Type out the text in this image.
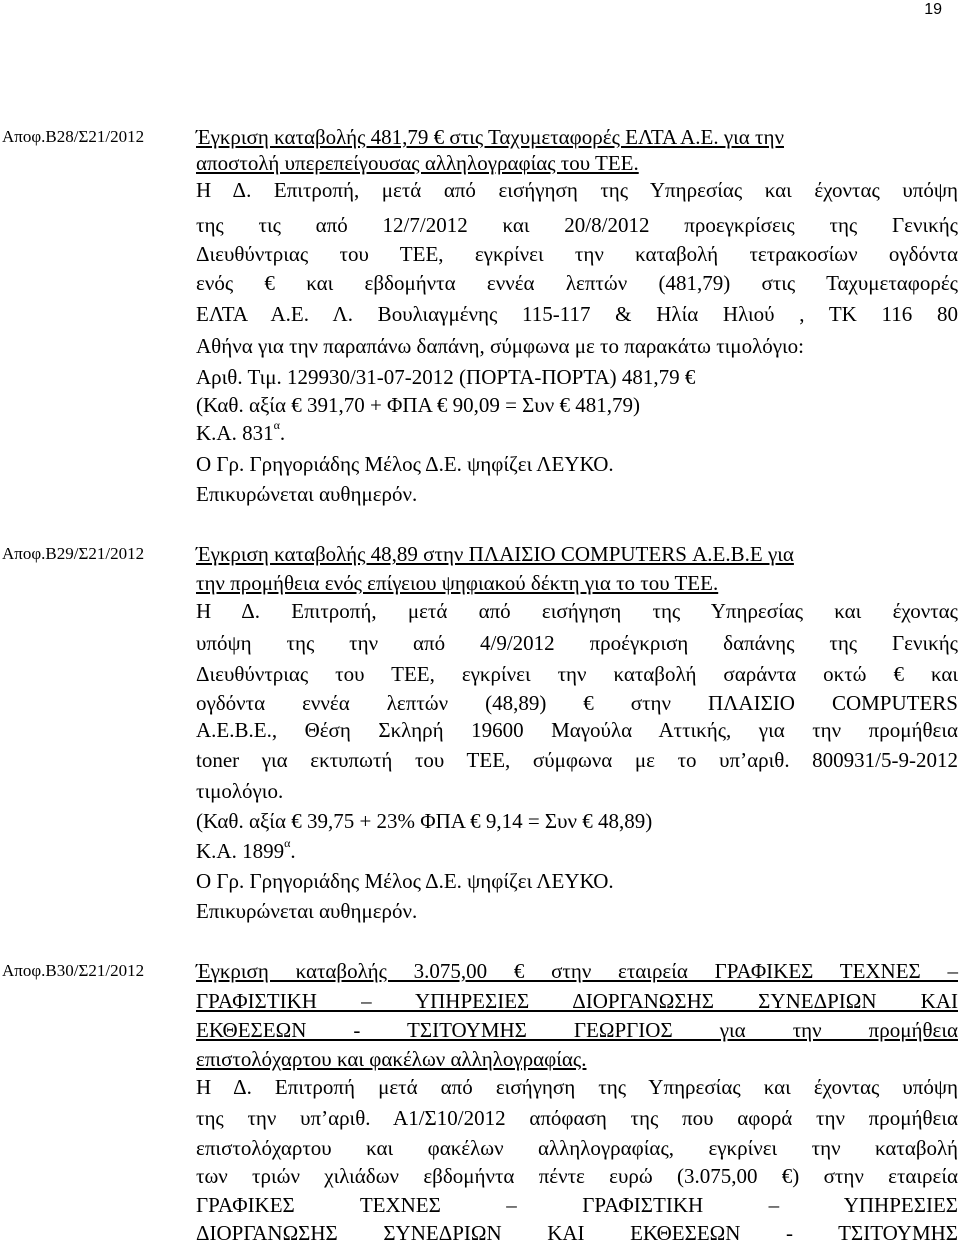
19
Αποφ.Β28/Σ21/2012 Έγκριση καταβολής 481,79 € στις Ταχυμεταφορές ΕΛΤΑ Α.Ε. για την
αποστολή υπερεπείγουσας αλληλογραφίας του ΤΕΕ.
Η Δ. Επιτροπή, μετά από εισήγηση της Υπηρεσίας και έχοντας υπόψη
της τις από 12/7/2012 και 20/8/2012 προεγκρίσεις της Γενικής
Διευθύντριας του ΤΕΕ, εγκρίνει την καταβολή τετρακοσίων ογδόντα
ενός € και εβδομήντα εννέα λεπτών (481,79) στις Ταχυμεταφορές
ΕΛΤΑ Α.Ε. Λ. Βουλιαγμένης 115-117 & Ηλία Ηλιού , ΤΚ 116 80
Αθήνα για την παραπάνω δαπάνη, σύμφωνα με το παρακάτω τιμολόγιο:
Αριθ. Τιμ. 129930/31-07-2012 (ΠΟΡΤΑ-ΠΟΡΤΑ) 481,79 €
(Καθ. αξία € 391,70 + ΦΠΑ € 90,09 = Συν € 481,79)
Κ.Α. $831^\alpha$.
Ο Γρ. Γρηγοριάδης Μέλος Δ.Ε. ψηφίζει ΛΕΥΚΟ.
Επικυρώνεται αυθημερόν.
Αποφ.Β29/Σ21/2012 Έγκριση καταβολής 48,89 στην ΠΛΑΙΣΙΟ COMPUTERS Α.Ε.Β.Ε για
την προμήθεια ενός επίγειου ψηφιακού δέκτη για το του ΤΕΕ.
Η Δ. Επιτροπή, μετά από εισήγηση της Υπηρεσίας και έχοντας
υπόψη της την από 4/9/2012 προέγκριση δαπάνης της Γενικής
Διευθύντριας του ΤΕΕ, εγκρίνει την καταβολή σαράντα οκτώ € και
ογδόντα εννέα λεπτών (48,89) € στην ΠΛΑΙΣΙΟ COMPUTERS
Α.Ε.Β.Ε., Θέση Σκληρή 19600 Μαγούλα Αττικής, για την προμήθεια
toner για εκτυπωτή του ΤΕΕ, σύμφωνα με το υπ’αριθ. 800931/5-9-2012
τιμολόγιο.
(Καθ. αξία € 39,75 + 23% ΦΠΑ € 9,14 = Συν € 48,89)
Κ.Α. $1899^\alpha$.
Ο Γρ. Γρηγοριάδης Μέλος Δ.Ε. ψηφίζει ΛΕΥΚΟ.
Επικυρώνεται αυθημερόν.
Αποφ.Β30/Σ21/2012 Έγκριση καταβολής 3.075,00 € στην εταιρεία ΓΡΑΦΙΚΕΣ ΤΕΧΝΕΣ –
ΓΡΑΦΙΣΤΙΚΗ – ΥΠΗΡΕΣΙΕΣ ΔΙΟΡΓΑΝΩΣΗΣ ΣΥΝΕΔΡΙΩΝ ΚΑΙ
ΕΚΘΕΣΕΩΝ - ΤΣΙΤΟΥΜΗΣ ΓΕΩΡΓΙΟΣ για την προμήθεια
επιστολόχαρτου και φακέλων αλληλογραφίας.
Η Δ. Επιτροπή μετά από εισήγηση της Υπηρεσίας και έχοντας υπόψη
της την υπ’αριθ. Α1/Σ10/2012 απόφαση της που αφορά την προμήθεια
επιστολόχαρτου και φακέλων αλληλογραφίας, εγκρίνει την καταβολή
των τριών χιλιάδων εβδομήντα πέντε ευρώ (3.075,00 €) στην εταιρεία
ΓΡΑΦΙΚΕΣ ΤΕΧΝΕΣ – ΓΡΑΦΙΣΤΙΚΗ – ΥΠΗΡΕΣΙΕΣ
ΔΙΟΡΓΑΝΩΣΗΣ ΣΥΝΕΔΡΙΩΝ ΚΑΙ ΕΚΘΕΣΕΩΝ - ΤΣΙΤΟΥΜΗΣ
